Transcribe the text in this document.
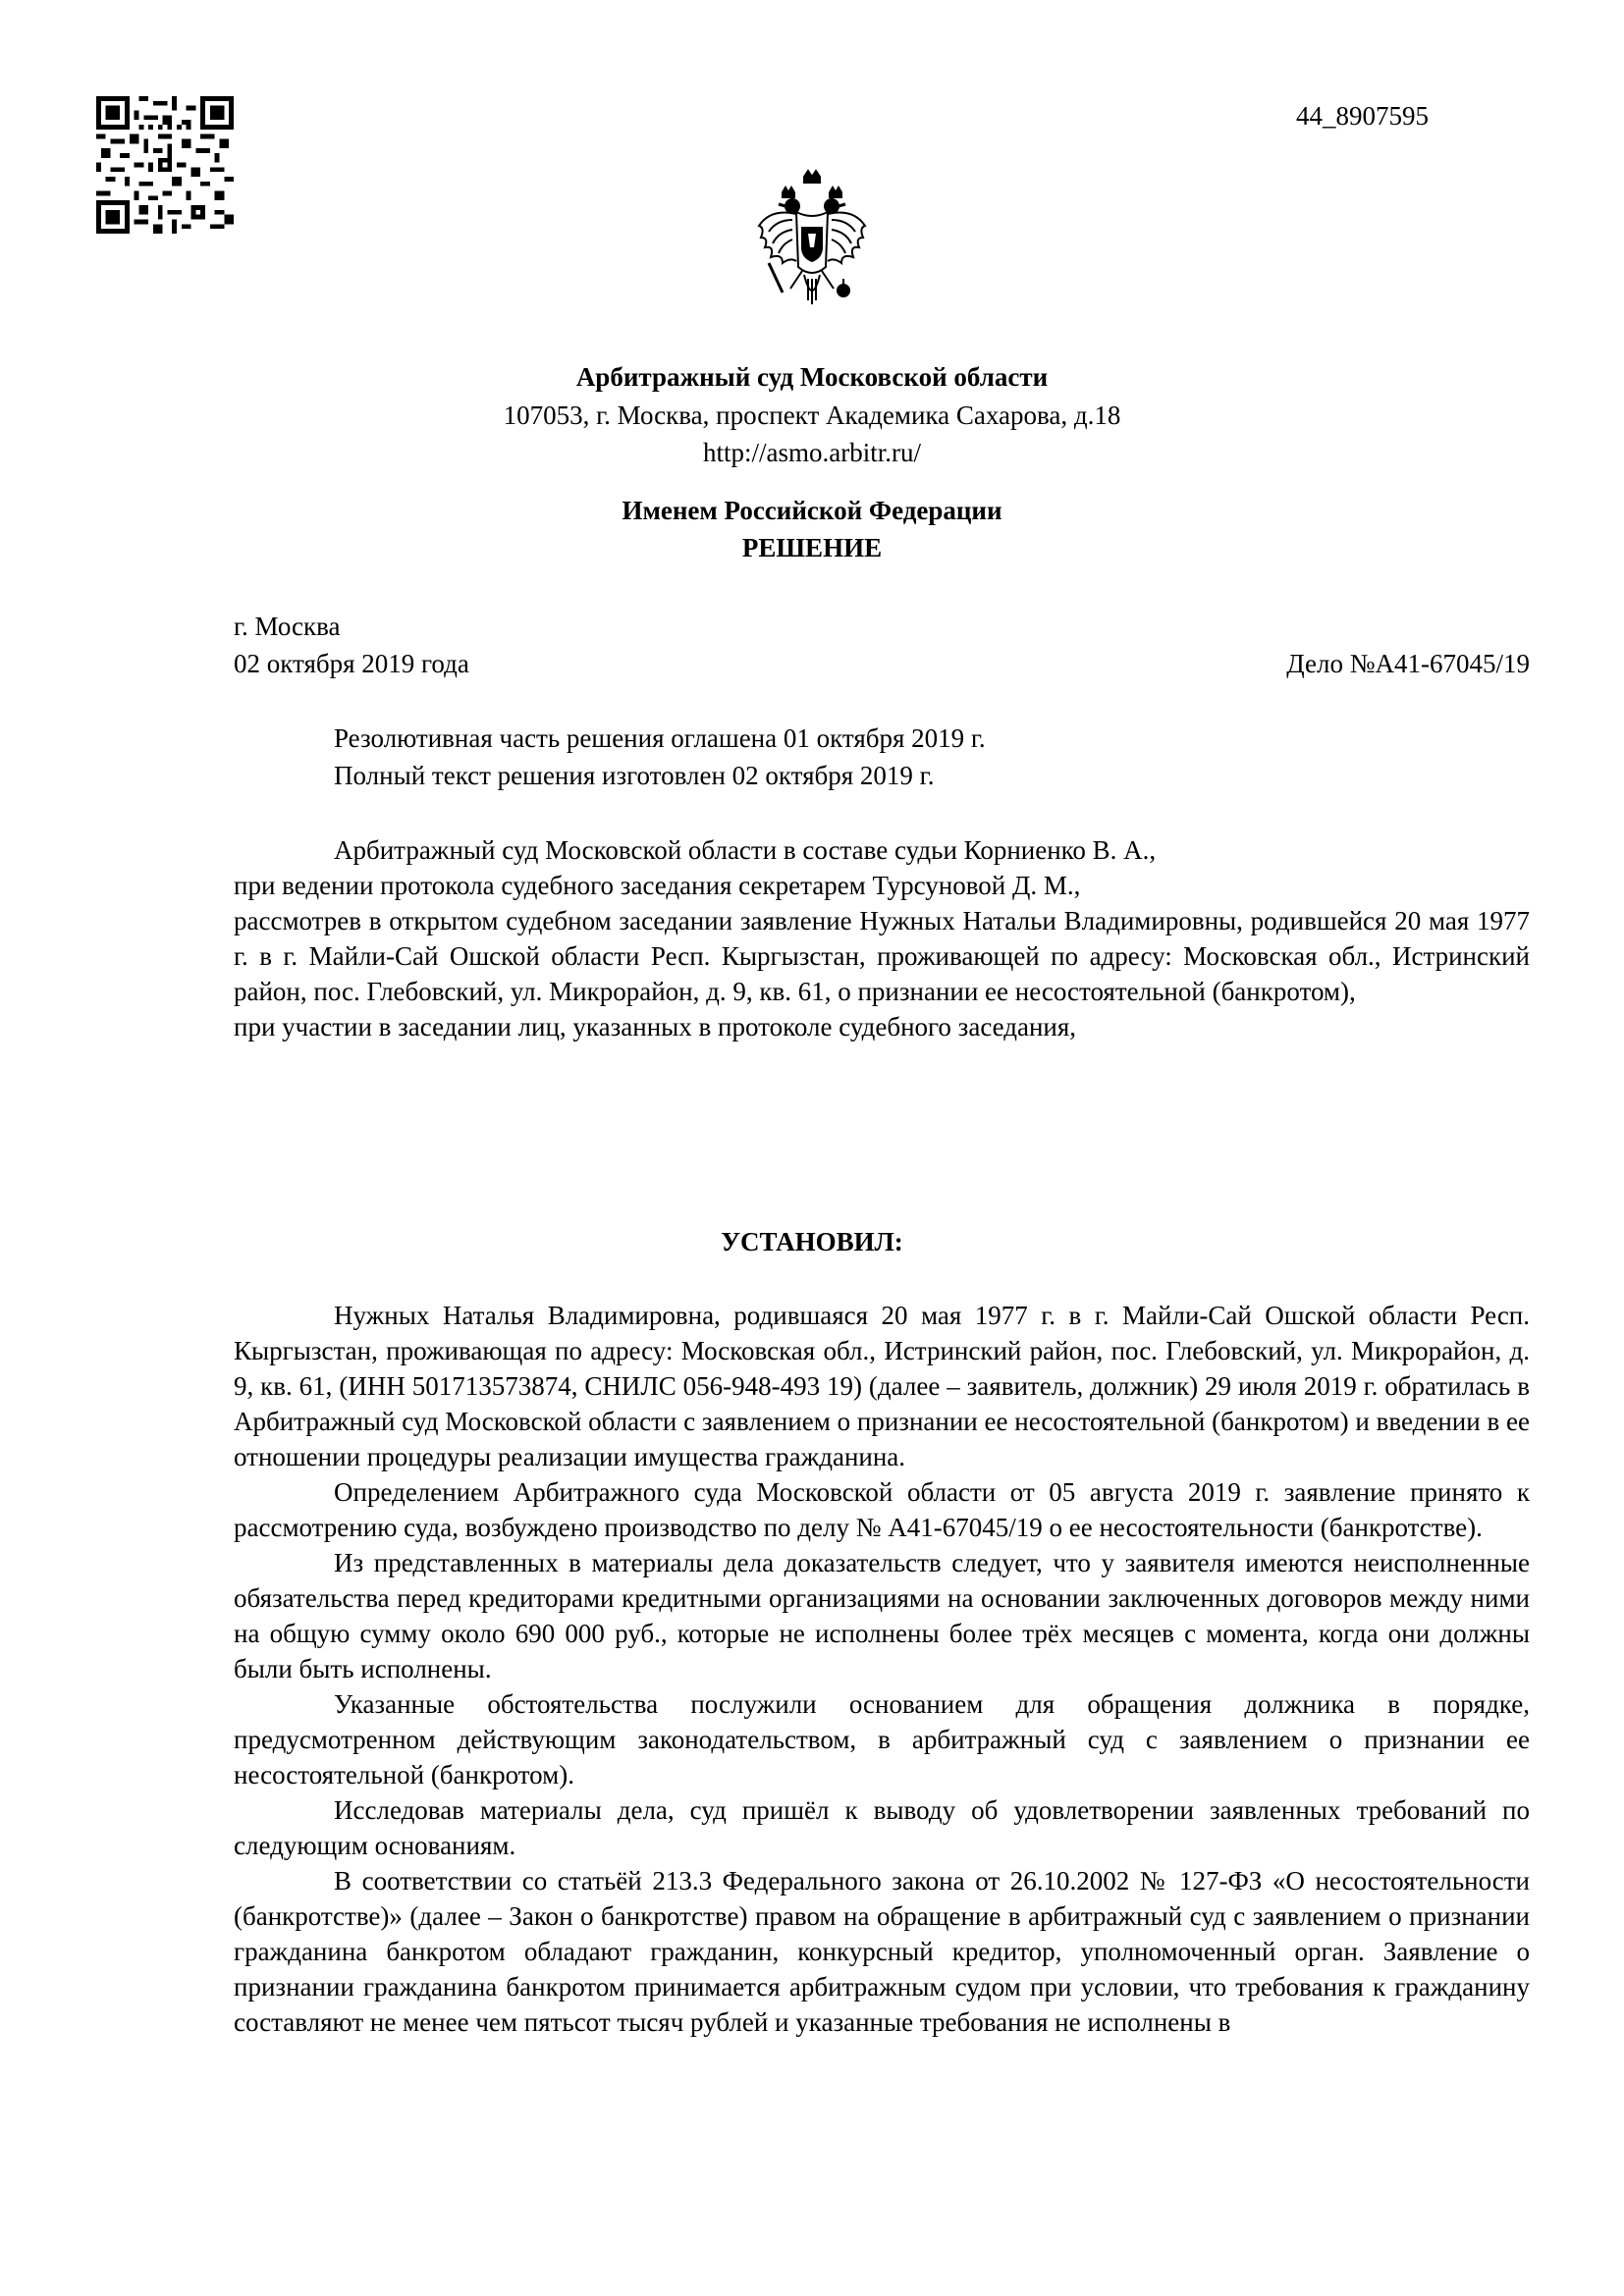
44_8907595
Арбитражный суд Московской области
107053, г. Москва, проспект Академика Сахарова, д.18
http://asmo.arbitr.ru/
Именем Российской Федерации
РЕШЕНИЕ
г. Москва
02 октября 2019 года	Дело №А41-67045/19
Резолютивная часть решения оглашена 01 октября 2019 г.
Полный текст решения изготовлен 02 октября 2019 г.

Арбитражный суд Московской области в составе судьи Корниенко В. А.,

при ведении протокола судебного заседания секретарем Турсуновой Д. М.,

рассмотрев в открытом судебном заседании заявление Нужных Натальи Владимировны, родившейся 20 мая 1977 г. в г. Майли-Сай Ошской области Респ. Кыргызстан, проживающей по адресу: Московская обл., Истринский район, пос. Глебовский, ул. Микрорайон, д. 9, кв. 61, о признании ее несостоятельной (банкротом),

при участии в заседании лиц, указанных в протоколе судебного заседания,

УСТАНОВИЛ:

Нужных Наталья Владимировна, родившаяся 20 мая 1977 г. в г. Майли-Сай Ошской области Респ. Кыргызстан, проживающая по адресу: Московская обл., Истринский район, пос. Глебовский, ул. Микрорайон, д. 9, кв. 61, (ИНН 501713573874, СНИЛС 056-948-493 19) (далее – заявитель, должник) 29 июля 2019 г. обратилась в Арбитражный суд Московской области с заявлением о признании ее несостоятельной (банкротом) и введении в ее отношении процедуры реализации имущества гражданина.

Определением Арбитражного суда Московской области от 05 августа 2019 г. заявление принято к рассмотрению суда, возбуждено производство по делу № А41-67045/19 о ее несостоятельности (банкротстве).

Из представленных в материалы дела доказательств следует, что у заявителя имеются неисполненные обязательства перед кредиторами кредитными организациями на основании заключенных договоров между ними на общую сумму около 690 000 руб., которые не исполнены более трёх месяцев с момента, когда они должны были быть исполнены.

Указанные обстоятельства послужили основанием для обращения должника в порядке, предусмотренном действующим законодательством, в арбитражный суд с заявлением о признании ее несостоятельной (банкротом).

Исследовав материалы дела, суд пришёл к выводу об удовлетворении заявленных требований по следующим основаниям.

В соответствии со статьёй 213.3 Федерального закона от 26.10.2002 № 127-ФЗ «О несостоятельности (банкротстве)» (далее – Закон о банкротстве) правом на обращение в арбитражный суд с заявлением о признании гражданина банкротом обладают гражданин, конкурсный кредитор, уполномоченный орган. Заявление о признании гражданина банкротом принимается арбитражным судом при условии, что требования к гражданину составляют не менее чем пятьсот тысяч рублей и указанные требования не исполнены в
